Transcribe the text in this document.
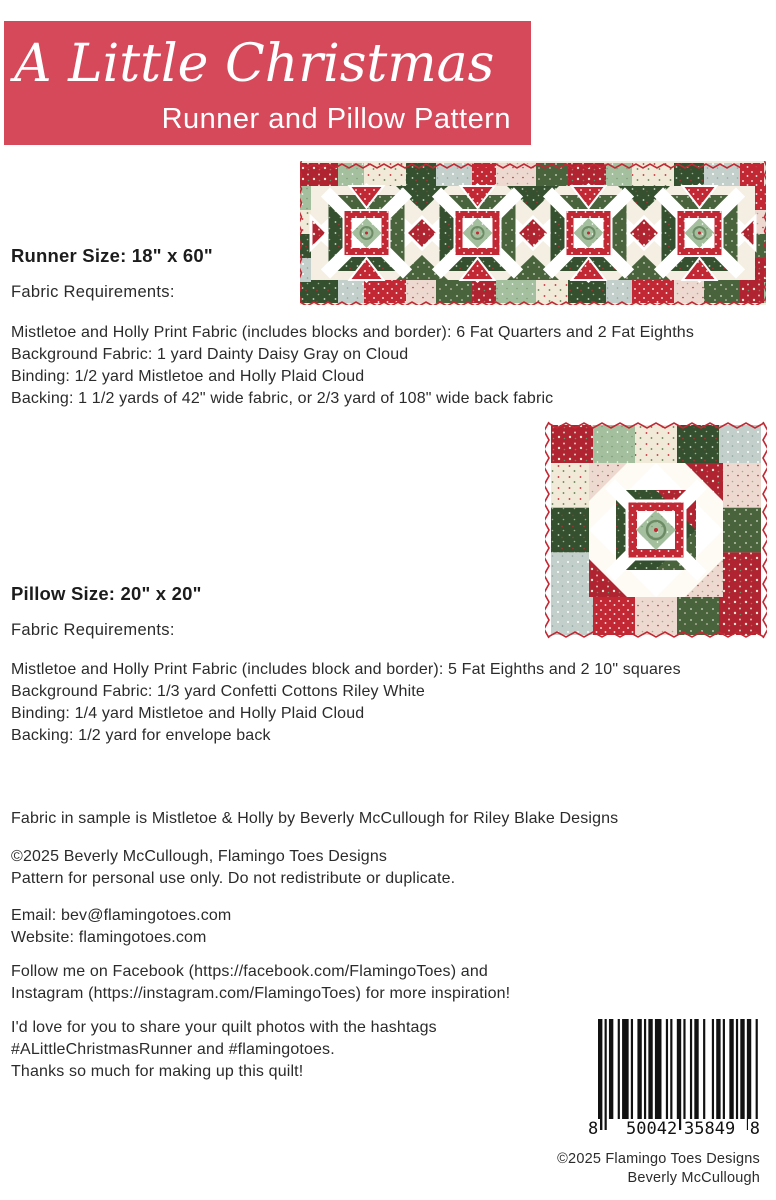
A Little Christmas
Runner and Pillow Pattern
Runner Size: 18" x 60"
Fabric Requirements:
Mistletoe and Holly Print Fabric (includes blocks and border): 6 Fat Quarters and 2 Fat Eighths
Background Fabric: 1 yard Dainty Daisy Gray on Cloud
Binding: 1/2 yard Mistletoe and Holly Plaid Cloud
Backing: 1 1/2 yards of 42" wide fabric, or 2/3 yard of 108" wide back fabric
Pillow Size: 20" x 20"
Fabric Requirements:
Mistletoe and Holly Print Fabric (includes block and border): 5 Fat Eighths and 2 10" squares
Background Fabric: 1/3 yard Confetti Cottons Riley White
Binding: 1/4 yard Mistletoe and Holly Plaid Cloud
Backing: 1/2 yard for envelope back
Fabric in sample is Mistletoe & Holly by Beverly McCullough for Riley Blake Designs
©2025 Beverly McCullough, Flamingo Toes Designs
Pattern for personal use only. Do not redistribute or duplicate.
Email: bev@flamingotoes.com
Website: flamingotoes.com
Follow me on Facebook (https://facebook.com/FlamingoToes) and
Instagram (https://instagram.com/FlamingoToes) for more inspiration!
I'd love for you to share your quilt photos with the hashtags
#ALittleChristmasRunner and #flamingotoes.
Thanks so much for making up this quilt!
8 50042 35849 8
©2025 Flamingo Toes Designs
Beverly McCullough
